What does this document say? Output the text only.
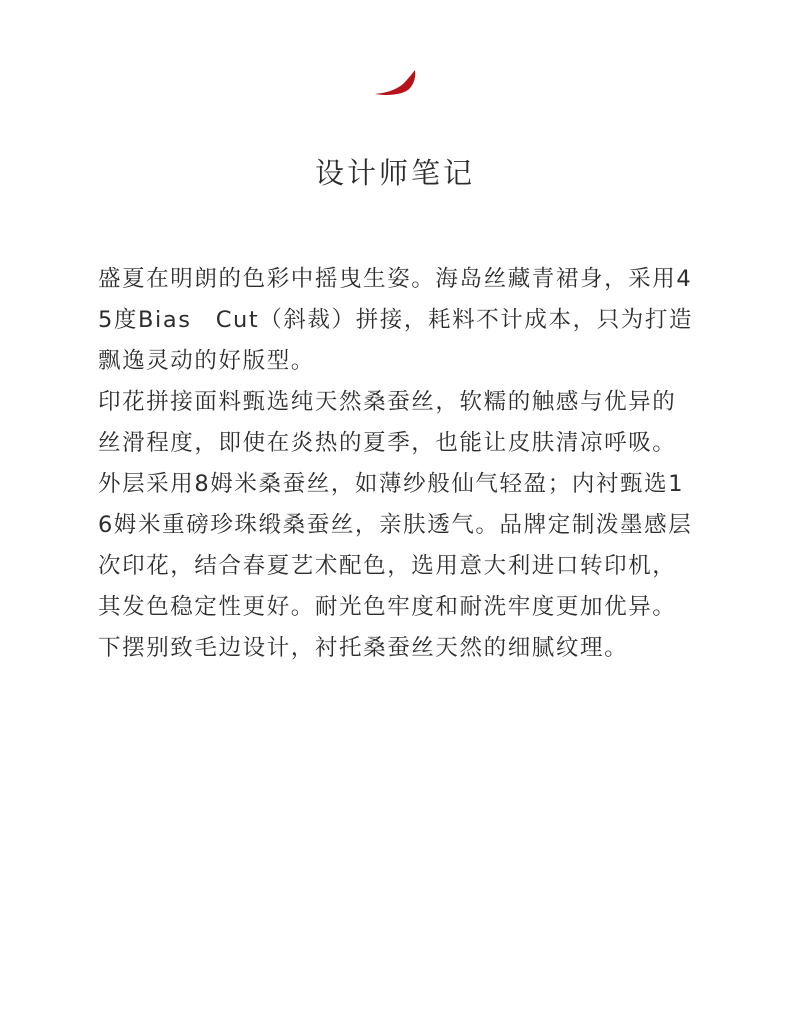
设计师笔记

盛夏在明朗的色彩中摇曳生姿。海岛丝藏青裙身，采用45度Bias　Cut（斜裁）拼接，耗料不计成本，只为打造飘逸灵动的好版型。

印花拼接面料甄选纯天然桑蚕丝，软糯的触感与优异的丝滑程度，即使在炎热的夏季，也能让皮肤清凉呼吸。外层采用8姆米桑蚕丝，如薄纱般仙气轻盈；内衬甄选16姆米重磅珍珠缎桑蚕丝，亲肤透气。品牌定制泼墨感层次印花，结合春夏艺术配色，选用意大利进口转印机，其发色稳定性更好。耐光色牢度和耐洗牢度更加优异。下摆别致毛边设计，衬托桑蚕丝天然的细腻纹理。
